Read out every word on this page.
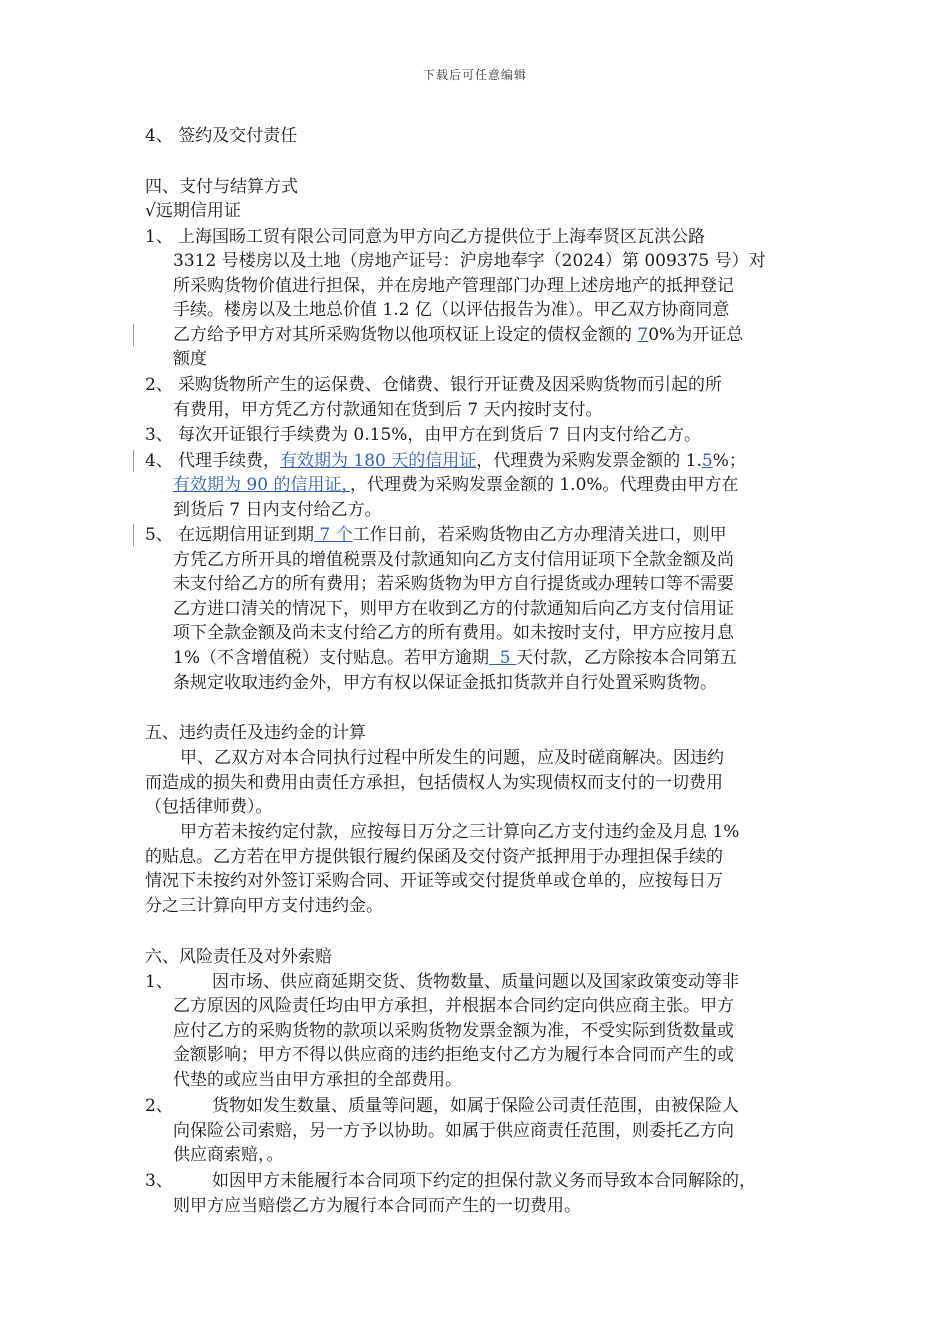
下载后可任意编辑
4、 签约及交付责任
四、支付与结算方式
√远期信用证
1、 上海国旸工贸有限公司同意为甲方向乙方提供位于上海奉贤区瓦洪公路
3312 号楼房以及土地（房地产证号：沪房地奉字（2024）第 009375 号）对
所采购货物价值进行担保，并在房地产管理部门办理上述房地产的抵押登记
手续。楼房以及土地总价值 1.2 亿（以评估报告为准）。甲乙双方协商同意
乙方给予甲方对其所采购货物以他项权证上设定的债权金额的 70%为开证总
额度
2、 采购货物所产生的运保费、仓储费、银行开证费及因采购货物而引起的所
有费用，甲方凭乙方付款通知在货到后 7 天内按时支付。
3、 每次开证银行手续费为 0.15%，由甲方在到货后 7 日内支付给乙方。
4、 代理手续费，有效期为 180 天的信用证，代理费为采购发票金额的 1.5%；
有效期为 90 的信用证，，代理费为采购发票金额的 1.0%。代理费由甲方在
到货后 7 日内支付给乙方。
5、 在远期信用证到期 7 个工作日前，若采购货物由乙方办理清关进口，则甲
方凭乙方所开具的增值税票及付款通知向乙方支付信用证项下全款金额及尚
未支付给乙方的所有费用；若采购货物为甲方自行提货或办理转口等不需要
乙方进口清关的情况下，则甲方在收到乙方的付款通知后向乙方支付信用证
项下全款金额及尚未支付给乙方的所有费用。如未按时支付，甲方应按月息
1%（不含增值税）支付贴息。若甲方逾期  5 天付款，乙方除按本合同第五
条规定收取违约金外，甲方有权以保证金抵扣货款并自行处置采购货物。
五、违约责任及违约金的计算
甲、乙双方对本合同执行过程中所发生的问题，应及时磋商解决。因违约
而造成的损失和费用由责任方承担，包括债权人为实现债权而支付的一切费用
（包括律师费）。
甲方若未按约定付款，应按每日万分之三计算向乙方支付违约金及月息 1%
的贴息。乙方若在甲方提供银行履约保函及交付资产抵押用于办理担保手续的
情况下未按约对外签订采购合同、开证等或交付提货单或仓单的，应按每日万
分之三计算向甲方支付违约金。
六、风险责任及对外索赔
1、 因市场、供应商延期交货、货物数量、质量问题以及国家政策变动等非
乙方原因的风险责任均由甲方承担，并根据本合同约定向供应商主张。甲方
应付乙方的采购货物的款项以采购货物发票金额为准，不受实际到货数量或
金额影响；甲方不得以供应商的违约拒绝支付乙方为履行本合同而产生的或
代垫的或应当由甲方承担的全部费用。
2、 货物如发生数量、质量等问题，如属于保险公司责任范围，由被保险人
向保险公司索赔，另一方予以协助。如属于供应商责任范围，则委托乙方向
供应商索赔，。
3、 如因甲方未能履行本合同项下约定的担保付款义务而导致本合同解除的，
则甲方应当赔偿乙方为履行本合同而产生的一切费用。
